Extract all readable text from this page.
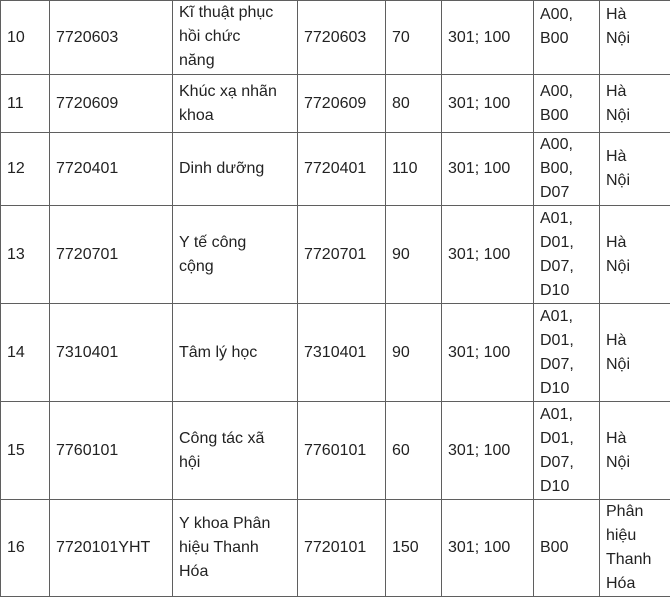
10	7720603	Kĩ thuật phục
hồi chức
năng	7720603	70	301; 100	A00,
B00	Hà
Nội
11	7720609	Khúc xạ nhãn
khoa	7720609	80	301; 100	A00,
B00	Hà
Nội
12	7720401	Dinh dưỡng	7720401	110	301; 100	A00,
B00,
D07	Hà
Nội
13	7720701	Y tế công
cộng	7720701	90	301; 100	A01,
D01,
D07,
D10	Hà
Nội
14	7310401	Tâm lý học	7310401	90	301; 100	A01,
D01,
D07,
D10	Hà
Nội
15	7760101	Công tác xã
hội	7760101	60	301; 100	A01,
D01,
D07,
D10	Hà
Nội
16	7720101YHT	Y khoa Phân
hiệu Thanh
Hóa	7720101	150	301; 100	B00	Phân
hiệu
Thanh
Hóa
